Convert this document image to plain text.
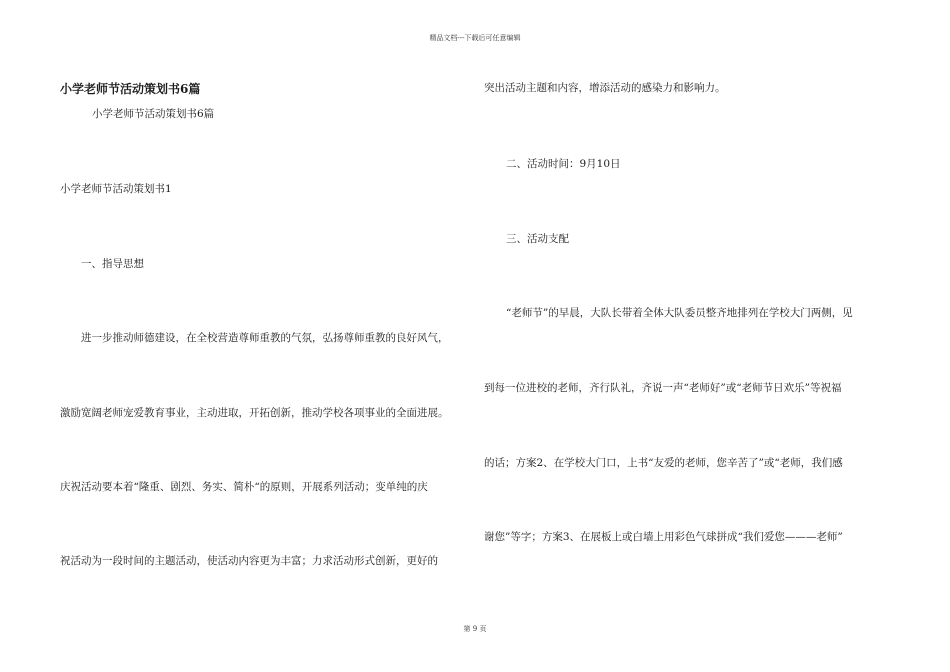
精品文档---下载后可任意编辑
小学老师节活动策划书6篇
小学老师节活动策划书6篇
小学老师节活动策划书1
一、指导思想
进一步推动师德建设，在全校营造尊师重教的气氛，弘扬尊师重教的良好风气，
激励宽阔老师宠爱教育事业，主动进取，开拓创新，推动学校各项事业的全面进展。
庆祝活动要本着“隆重、剧烈、务实、简朴“的原则，开展系列活动；变单纯的庆
祝活动为一段时间的主题活动，使活动内容更为丰富；力求活动形式创新，更好的
突出活动主题和内容，增添活动的感染力和影响力。
二、活动时间：9月10日
三、活动支配
“老师节”的早晨，大队长带着全体大队委员整齐地排列在学校大门两侧，见
到每一位进校的老师，齐行队礼，齐说一声“老师好”或“老师节日欢乐”等祝福
的话；方案2、在学校大门口，上书“友爱的老师，您辛苦了”或“老师，我们感
谢您”等字；方案3、在展板上或白墙上用彩色气球拼成“我们爱您———老师”
第 9 页
